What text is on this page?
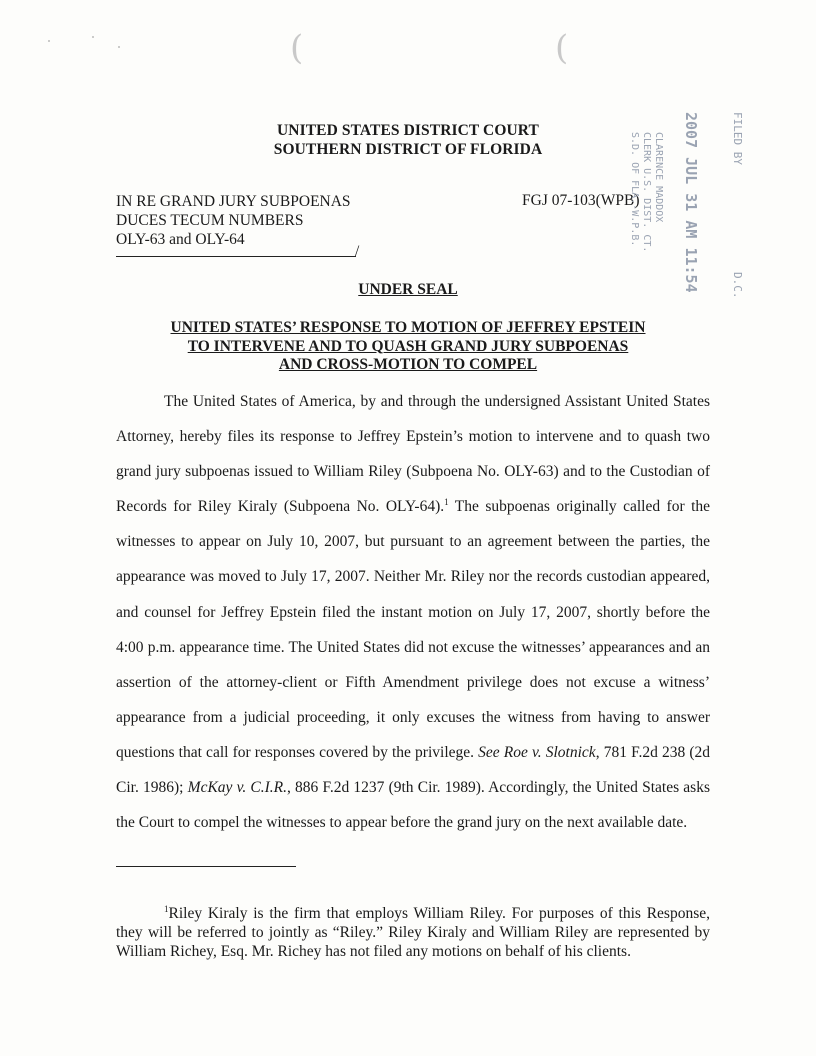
(	(
UNITED STATES DISTRICT COURT
SOUTHERN DISTRICT OF FLORIDA
IN RE GRAND JURY SUBPOENAS
DUCES TECUM NUMBERS
OLY-63 and OLY-64
/
FGJ 07-103(WPB)
FILED BY
D.C.
2007 JUL 31 AM 11:54
CLARENCE MADDOX
CLERK U.S. DIST. CT.
S.D. OF FLA.-W.P.B.
UNDER SEAL
UNITED STATES’ RESPONSE TO MOTION OF JEFFREY EPSTEIN
TO INTERVENE AND TO QUASH GRAND JURY SUBPOENAS
AND CROSS-MOTION TO COMPEL

The United States of America, by and through the undersigned Assistant United States Attorney, hereby files its response to Jeffrey Epstein’s motion to intervene and to quash two grand jury subpoenas issued to William Riley (Subpoena No. OLY-63) and to the Custodian of Records for Riley Kiraly (Subpoena No. OLY-64).$^1$ The subpoenas originally called for the witnesses to appear on July 10, 2007, but pursuant to an agreement between the parties, the appearance was moved to July 17, 2007. Neither Mr. Riley nor the records custodian appeared, and counsel for Jeffrey Epstein filed the instant motion on July 17, 2007, shortly before the 4:00 p.m. appearance time. The United States did not excuse the witnesses’ appearances and an assertion of the attorney-client or Fifth Amendment privilege does not excuse a witness’ appearance from a judicial proceeding, it only excuses the witness from having to answer questions that call for responses covered by the privilege. See Roe v. Slotnick, 781 F.2d 238 (2d Cir. 1986); McKay v. C.I.R., 886 F.2d 1237 (9th Cir. 1989). Accordingly, the United States asks the Court to compel the witnesses to appear before the grand jury on the next available date.

$^1$Riley Kiraly is the firm that employs William Riley. For purposes of this Response, they will be referred to jointly as “Riley.” Riley Kiraly and William Riley are represented by William Richey, Esq. Mr. Richey has not filed any motions on behalf of his clients.
